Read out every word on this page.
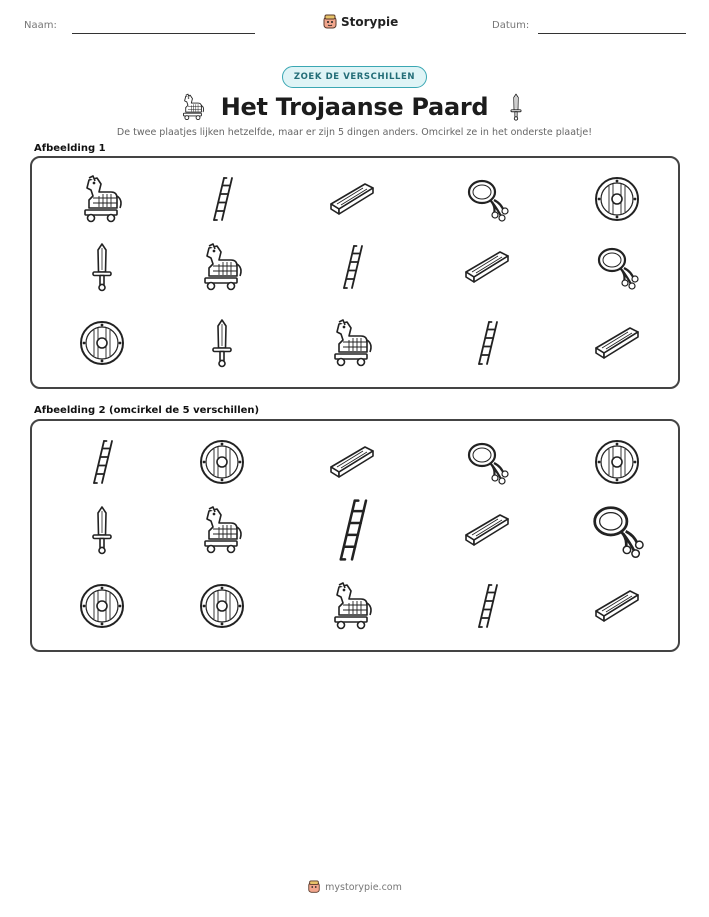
Naam:	Storypie	Datum:
ZOEK DE VERSCHILLEN
Het Trojaanse Paard
De twee plaatjes lijken hetzelfde, maar er zijn 5 dingen anders. Omcirkel ze in het onderste plaatje!
Afbeelding 1
Afbeelding 2 (omcirkel de 5 verschillen)
mystorypie.com
